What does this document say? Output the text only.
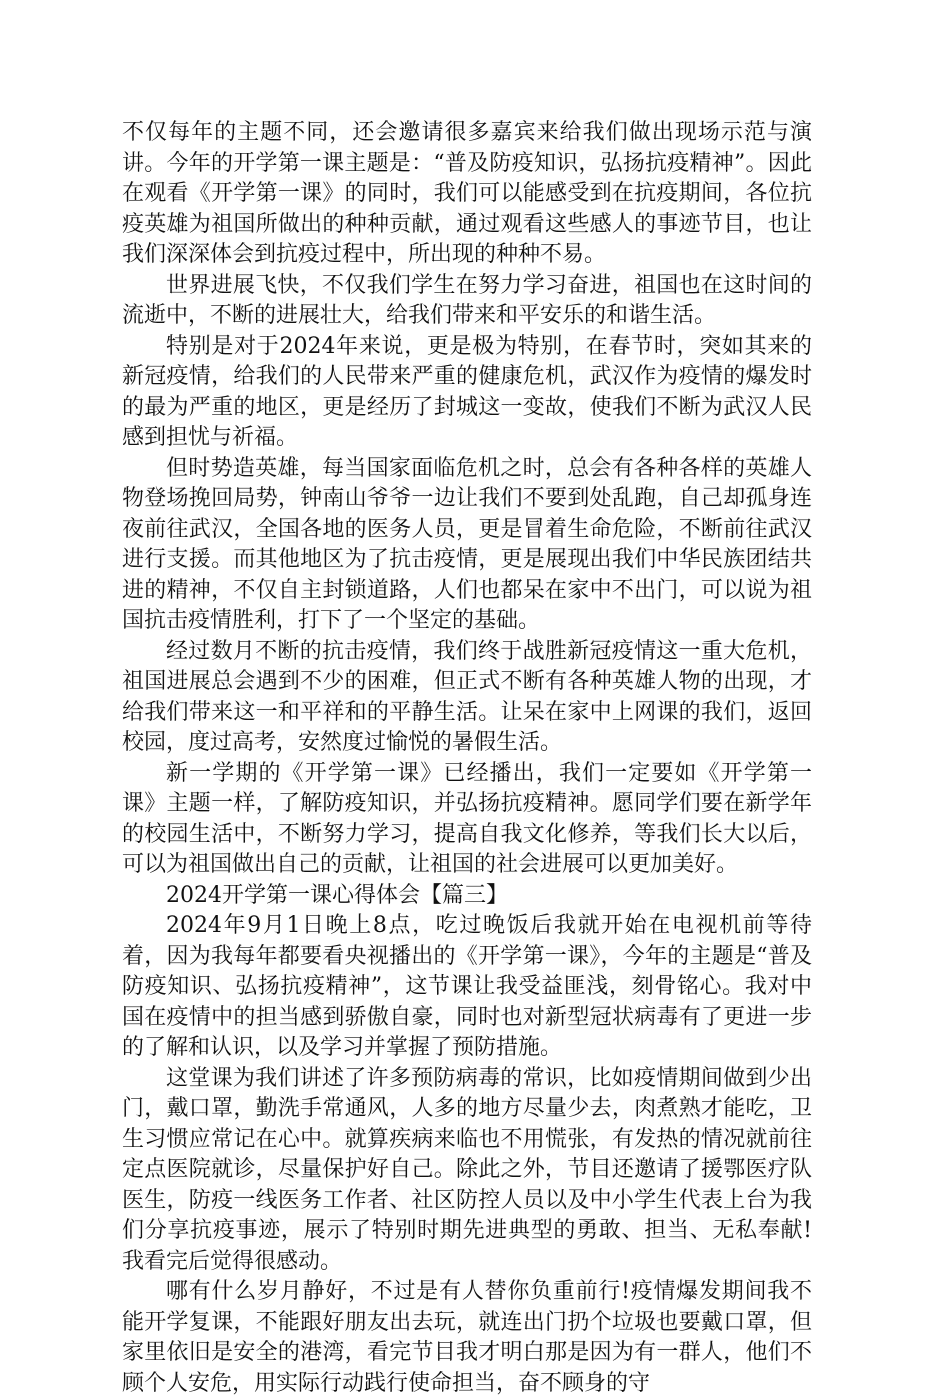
不仅每年的主题不同，还会邀请很多嘉宾来给我们做出现场示范与演讲。今年的开学第一课主题是：“普及防疫知识，弘扬抗疫精神”。因此在观看《开学第一课》的同时，我们可以能感受到在抗疫期间，各位抗疫英雄为祖国所做出的种种贡献，通过观看这些感人的事迹节目，也让我们深深体会到抗疫过程中，所出现的种种不易。

世界进展飞快，不仅我们学生在努力学习奋进，祖国也在这时间的流逝中，不断的进展壮大，给我们带来和平安乐的和谐生活。

特别是对于2024年来说，更是极为特别，在春节时，突如其来的新冠疫情，给我们的人民带来严重的健康危机，武汉作为疫情的爆发时的最为严重的地区，更是经历了封城这一变故，使我们不断为武汉人民感到担忧与祈福。

但时势造英雄，每当国家面临危机之时，总会有各种各样的英雄人物登场挽回局势，钟南山爷爷一边让我们不要到处乱跑，自己却孤身连夜前往武汉，全国各地的医务人员，更是冒着生命危险，不断前往武汉进行支援。而其他地区为了抗击疫情，更是展现出我们中华民族团结共进的精神，不仅自主封锁道路，人们也都呆在家中不出门，可以说为祖国抗击疫情胜利，打下了一个坚定的基础。

经过数月不断的抗击疫情，我们终于战胜新冠疫情这一重大危机，祖国进展总会遇到不少的困难，但正式不断有各种英雄人物的出现，才给我们带来这一和平祥和的平静生活。让呆在家中上网课的我们，返回校园，度过高考，安然度过愉悦的暑假生活。

新一学期的《开学第一课》已经播出，我们一定要如《开学第一课》主题一样，了解防疫知识，并弘扬抗疫精神。愿同学们要在新学年的校园生活中，不断努力学习，提高自我文化修养，等我们长大以后，可以为祖国做出自己的贡献，让祖国的社会进展可以更加美好。

2024开学第一课心得体会【篇三】

2024年9月1日晚上8点，吃过晚饭后我就开始在电视机前等待着，因为我每年都要看央视播出的《开学第一课》，今年的主题是“普及防疫知识、弘扬抗疫精神”，这节课让我受益匪浅，刻骨铭心。我对中国在疫情中的担当感到骄傲自豪，同时也对新型冠状病毒有了更进一步的了解和认识，以及学习并掌握了预防措施。

这堂课为我们讲述了许多预防病毒的常识，比如疫情期间做到少出门，戴口罩，勤洗手常通风，人多的地方尽量少去，肉煮熟才能吃，卫生习惯应常记在心中。就算疾病来临也不用慌张，有发热的情况就前往定点医院就诊，尽量保护好自己。除此之外，节目还邀请了援鄂医疗队医生，防疫一线医务工作者、社区防控人员以及中小学生代表上台为我们分享抗疫事迹，展示了特别时期先进典型的勇敢、担当、无私奉献!我看完后觉得很感动。

哪有什么岁月静好，不过是有人替你负重前行!疫情爆发期间我不能开学复课，不能跟好朋友出去玩，就连出门扔个垃圾也要戴口罩，但家里依旧是安全的港湾，看完节目我才明白那是因为有一群人，他们不顾个人安危，用实际行动践行使命担当，奋不顾身的守
